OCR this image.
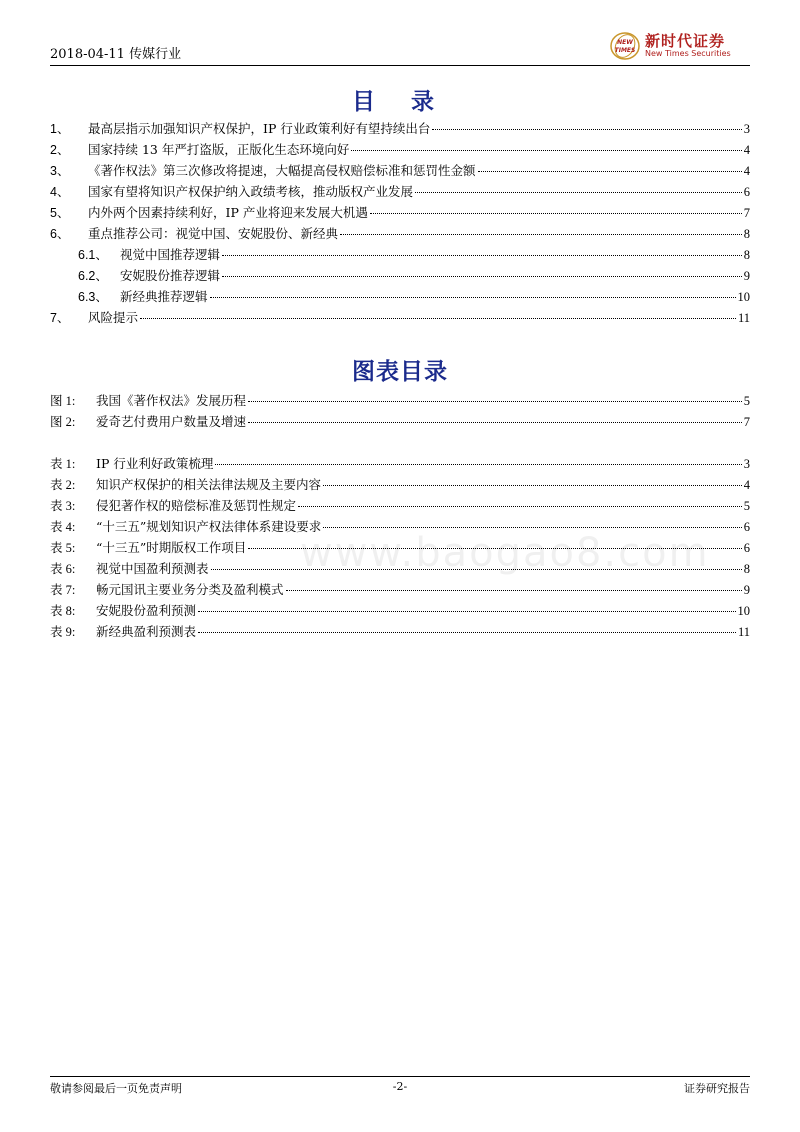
2018-04-11 传媒行业
NEW
TIMES
新时代证券
New Times Securities
目 录
1、	最高层指示加强知识产权保护，IP 行业政策利好有望持续出台	3
2、	国家持续 13 年严打盗版，正版化生态环境向好	4
3、	《著作权法》第三次修改将提速，大幅提高侵权赔偿标准和惩罚性金额	4
4、	国家有望将知识产权保护纳入政绩考核，推动版权产业发展	6
5、	内外两个因素持续利好，IP 产业将迎来发展大机遇	7
6、	重点推荐公司：视觉中国、安妮股份、新经典	8
6.1、 视觉中国推荐逻辑	8
6.2、 安妮股份推荐逻辑	9
6.3、 新经典推荐逻辑	10
7、	风险提示	11
图表目录
图 1:	我国《著作权法》发展历程	5
图 2:	爱奇艺付费用户数量及增速	7
表 1:	IP 行业利好政策梳理	3
表 2:	知识产权保护的相关法律法规及主要内容	4
表 3:	侵犯著作权的赔偿标准及惩罚性规定	5
表 4:	“十三五”规划知识产权法律体系建设要求	6
表 5:	“十三五”时期版权工作项目	6
表 6:	视觉中国盈利预测表	8
表 7:	畅元国讯主要业务分类及盈利模式	9
表 8:	安妮股份盈利预测	10
表 9:	新经典盈利预测表	11
www.baogao8.com
敬请参阅最后一页免责声明	-2-	证券研究报告
